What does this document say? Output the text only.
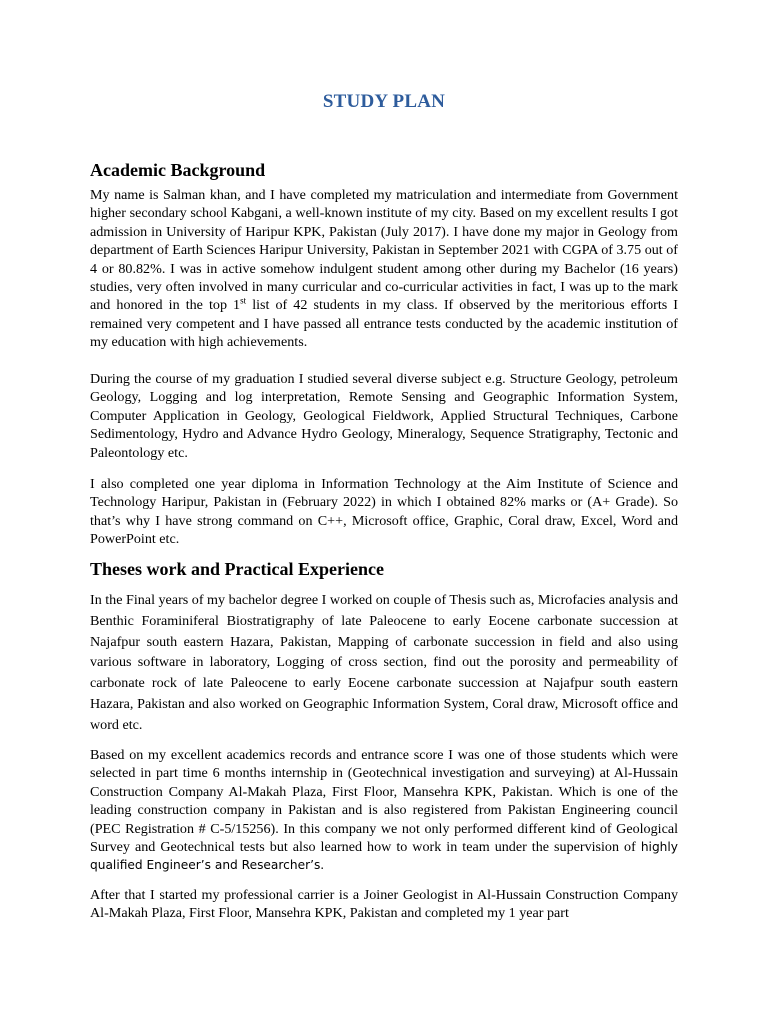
STUDY PLAN
Academic Background

My name is Salman khan, and I have completed my matriculation and intermediate from Government higher secondary school Kabgani, a well-known institute of my city. Based on my excellent results I got admission in University of Haripur KPK, Pakistan (July 2017). I have done my major in Geology from department of Earth Sciences Haripur University, Pakistan in September 2021 with CGPA of 3.75 out of 4 or 80.82%. I was in active somehow indulgent student among other during my Bachelor (16 years) studies, very often involved in many curricular and co-curricular activities in fact, I was up to the mark and honored in the top 1st list of 42 students in my class. If observed by the meritorious efforts I remained very competent and I have passed all entrance tests conducted by the academic institution of my education with high achievements.

During the course of my graduation I studied several diverse subject e.g. Structure Geology, petroleum Geology, Logging and log interpretation, Remote Sensing and Geographic Information System, Computer Application in Geology, Geological Fieldwork, Applied Structural Techniques, Carbone Sedimentology, Hydro and Advance Hydro Geology, Mineralogy, Sequence Stratigraphy, Tectonic and Paleontology etc.

I also completed one year diploma in Information Technology at the Aim Institute of Science and Technology Haripur, Pakistan in (February 2022) in which I obtained 82% marks or (A+ Grade). So that’s why I have strong command on C++, Microsoft office, Graphic, Coral draw, Excel, Word and PowerPoint etc.

Theses work and Practical Experience

In the Final years of my bachelor degree I worked on couple of Thesis such as, Microfacies analysis and Benthic Foraminiferal Biostratigraphy of late Paleocene to early Eocene carbonate succession at Najafpur south eastern Hazara, Pakistan, Mapping of carbonate succession in field and also using various software in laboratory, Logging of cross section, find out the porosity and permeability of carbonate rock of late Paleocene to early Eocene carbonate succession at Najafpur south eastern Hazara, Pakistan and also worked on Geographic Information System, Coral draw, Microsoft office and word etc.

Based on my excellent academics records and entrance score I was one of those students which were selected in part time 6 months internship in (Geotechnical investigation and surveying) at Al-Hussain Construction Company Al-Makah Plaza, First Floor, Mansehra KPK, Pakistan. Which is one of the leading construction company in Pakistan and is also registered from Pakistan Engineering council (PEC Registration # C-5/15256). In this company we not only performed different kind of Geological Survey and Geotechnical tests but also learned how to work in team under the supervision of highly qualified Engineer’s and Researcher’s.

After that I started my professional carrier is a Joiner Geologist in Al-Hussain Construction Company Al-Makah Plaza, First Floor, Mansehra KPK, Pakistan and completed my 1 year part
